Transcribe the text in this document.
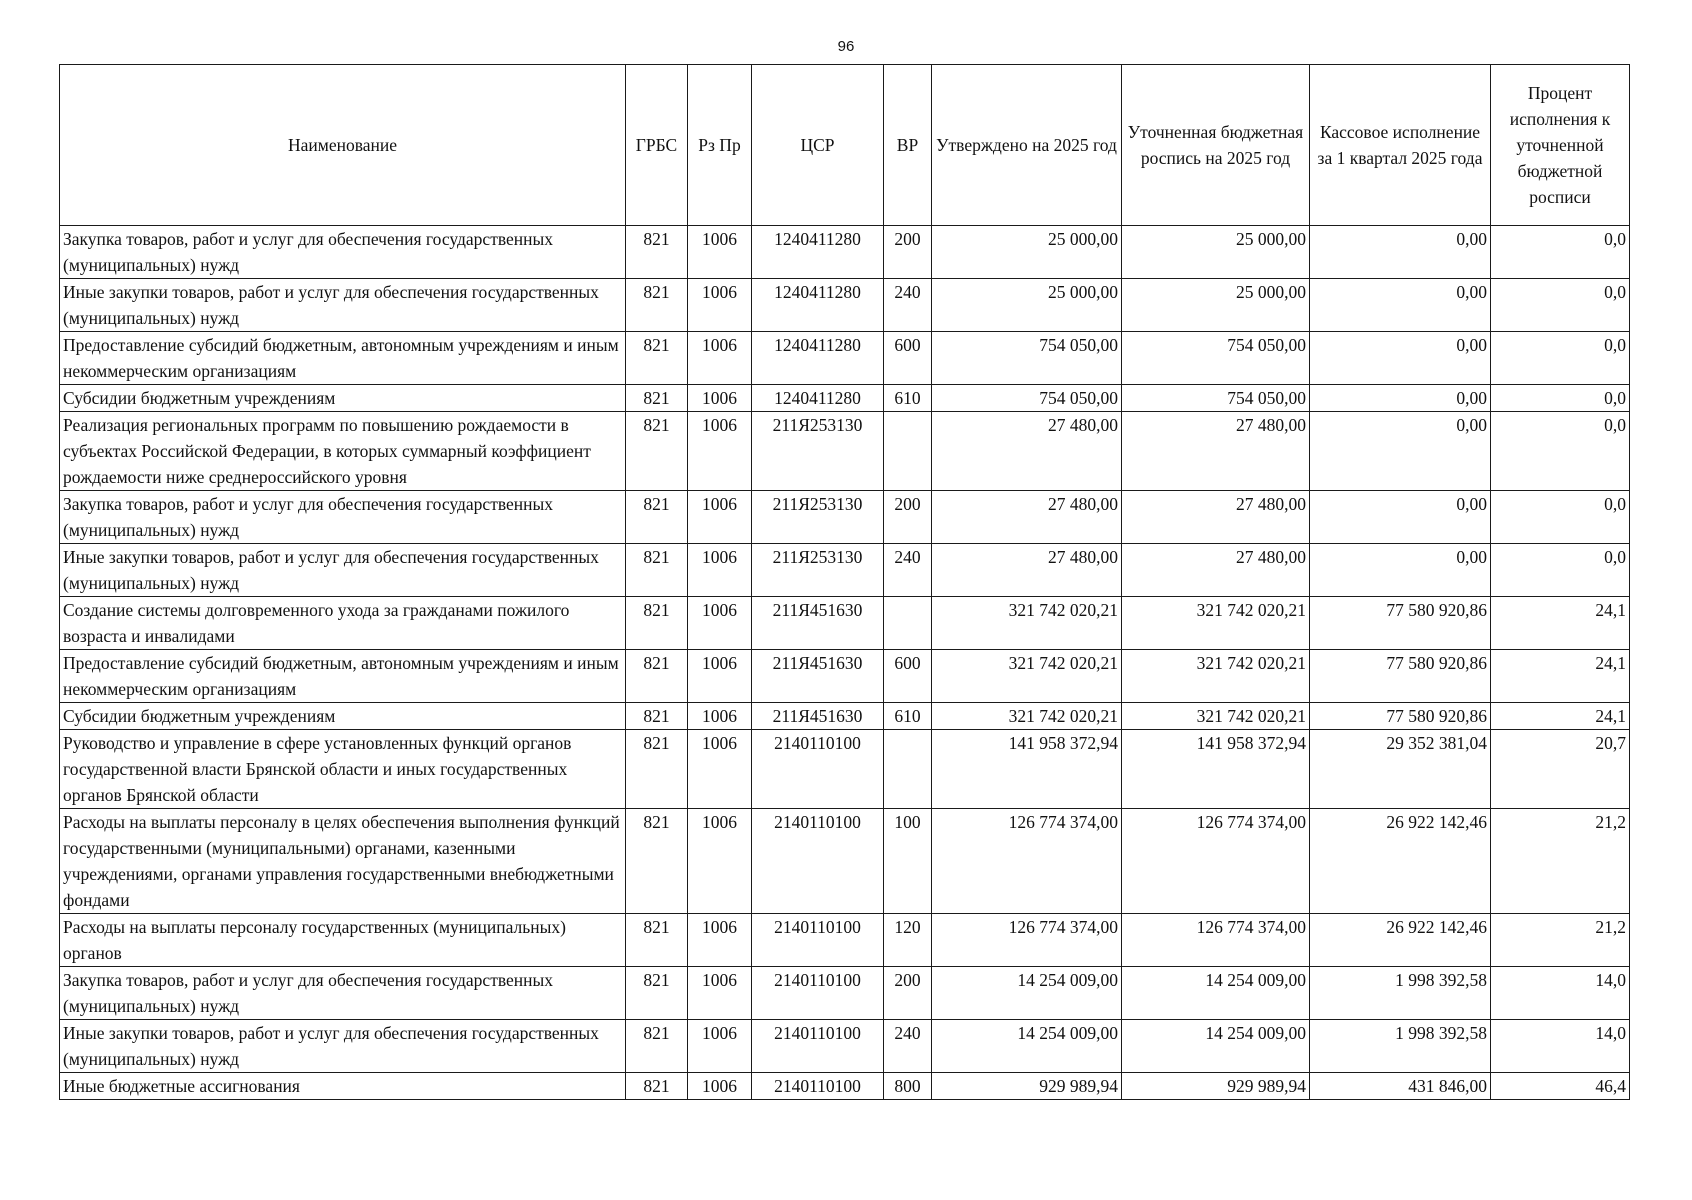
96
Наименование	ГРБС	Рз Пр	ЦСР	ВР	Утверждено на 2025 год	Уточненная бюджетная роспись на 2025 год	Кассовое исполнение за 1 квартал 2025 года	Процент исполнения к уточненной бюджетной росписи
Закупка товаров, работ и услуг для обеспечения государственных (муниципальных) нужд	821	1006	1240411280	200	25 000,00	25 000,00	0,00	0,0
Иные закупки товаров, работ и услуг для обеспечения государственных (муниципальных) нужд	821	1006	1240411280	240	25 000,00	25 000,00	0,00	0,0
Предоставление субсидий бюджетным, автономным учреждениям и иным некоммерческим организациям	821	1006	1240411280	600	754 050,00	754 050,00	0,00	0,0
Субсидии бюджетным учреждениям	821	1006	1240411280	610	754 050,00	754 050,00	0,00	0,0
Реализация региональных программ по повышению рождаемости в субъектах Российской Федерации, в которых суммарный коэффициент рождаемости ниже среднероссийского уровня	821	1006	211Я253130		27 480,00	27 480,00	0,00	0,0
Закупка товаров, работ и услуг для обеспечения государственных (муниципальных) нужд	821	1006	211Я253130	200	27 480,00	27 480,00	0,00	0,0
Иные закупки товаров, работ и услуг для обеспечения государственных (муниципальных) нужд	821	1006	211Я253130	240	27 480,00	27 480,00	0,00	0,0
Создание системы долговременного ухода за гражданами пожилого возраста и инвалидами	821	1006	211Я451630		321 742 020,21	321 742 020,21	77 580 920,86	24,1
Предоставление субсидий бюджетным, автономным учреждениям и иным некоммерческим организациям	821	1006	211Я451630	600	321 742 020,21	321 742 020,21	77 580 920,86	24,1
Субсидии бюджетным учреждениям	821	1006	211Я451630	610	321 742 020,21	321 742 020,21	77 580 920,86	24,1
Руководство и управление в сфере установленных функций органов государственной власти Брянской области и иных государственных органов Брянской области	821	1006	2140110100		141 958 372,94	141 958 372,94	29 352 381,04	20,7
Расходы на выплаты персоналу в целях обеспечения выполнения функций государственными (муниципальными) органами, казенными учреждениями, органами управления государственными внебюджетными фондами	821	1006	2140110100	100	126 774 374,00	126 774 374,00	26 922 142,46	21,2
Расходы на выплаты персоналу государственных (муниципальных) органов	821	1006	2140110100	120	126 774 374,00	126 774 374,00	26 922 142,46	21,2
Закупка товаров, работ и услуг для обеспечения государственных (муниципальных) нужд	821	1006	2140110100	200	14 254 009,00	14 254 009,00	1 998 392,58	14,0
Иные закупки товаров, работ и услуг для обеспечения государственных (муниципальных) нужд	821	1006	2140110100	240	14 254 009,00	14 254 009,00	1 998 392,58	14,0
Иные бюджетные ассигнования	821	1006	2140110100	800	929 989,94	929 989,94	431 846,00	46,4
